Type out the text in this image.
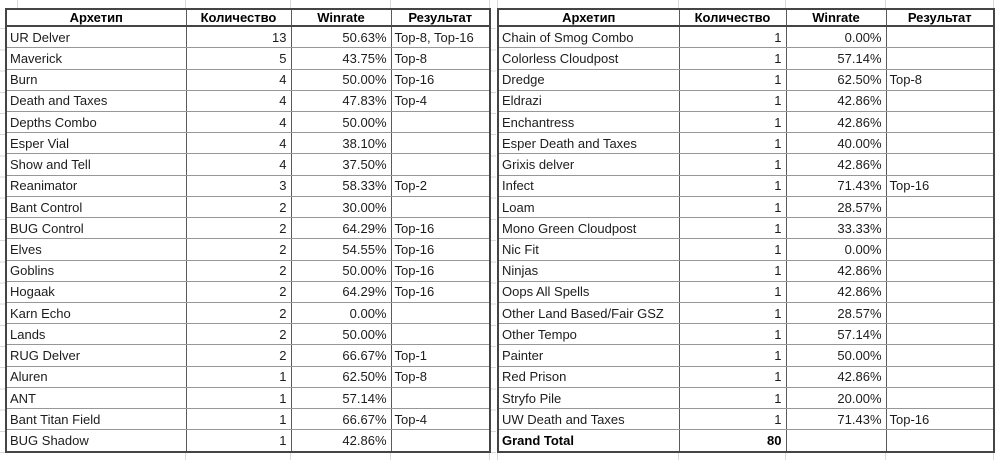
Архетип	Количество	Winrate	Результат
UR Delver	13	50.63%	Top-8, Top-16
Maverick	5	43.75%	Top-8
Burn	4	50.00%	Top-16
Death and Taxes	4	47.83%	Top-4
Depths Combo	4	50.00%	
Esper Vial	4	38.10%	
Show and Tell	4	37.50%	
Reanimator	3	58.33%	Top-2
Bant Control	2	30.00%	
BUG Control	2	64.29%	Top-16
Elves	2	54.55%	Top-16
Goblins	2	50.00%	Top-16
Hogaak	2	64.29%	Top-16
Karn Echo	2	0.00%	
Lands	2	50.00%	
RUG Delver	2	66.67%	Top-1
Aluren	1	62.50%	Top-8
ANT	1	57.14%	
Bant Titan Field	1	66.67%	Top-4
BUG Shadow	1	42.86%	
Архетип	Количество	Winrate	Результат
Chain of Smog Combo	1	0.00%	
Colorless Cloudpost	1	57.14%	
Dredge	1	62.50%	Top-8
Eldrazi	1	42.86%	
Enchantress	1	42.86%	
Esper Death and Taxes	1	40.00%	
Grixis delver	1	42.86%	
Infect	1	71.43%	Top-16
Loam	1	28.57%	
Mono Green Cloudpost	1	33.33%	
Nic Fit	1	0.00%	
Ninjas	1	42.86%	
Oops All Spells	1	42.86%	
Other Land Based/Fair GSZ	1	28.57%	
Other Tempo	1	57.14%	
Painter	1	50.00%	
Red Prison	1	42.86%	
Stryfo Pile	1	20.00%	
UW Death and Taxes	1	71.43%	Top-16
Grand Total	80		
